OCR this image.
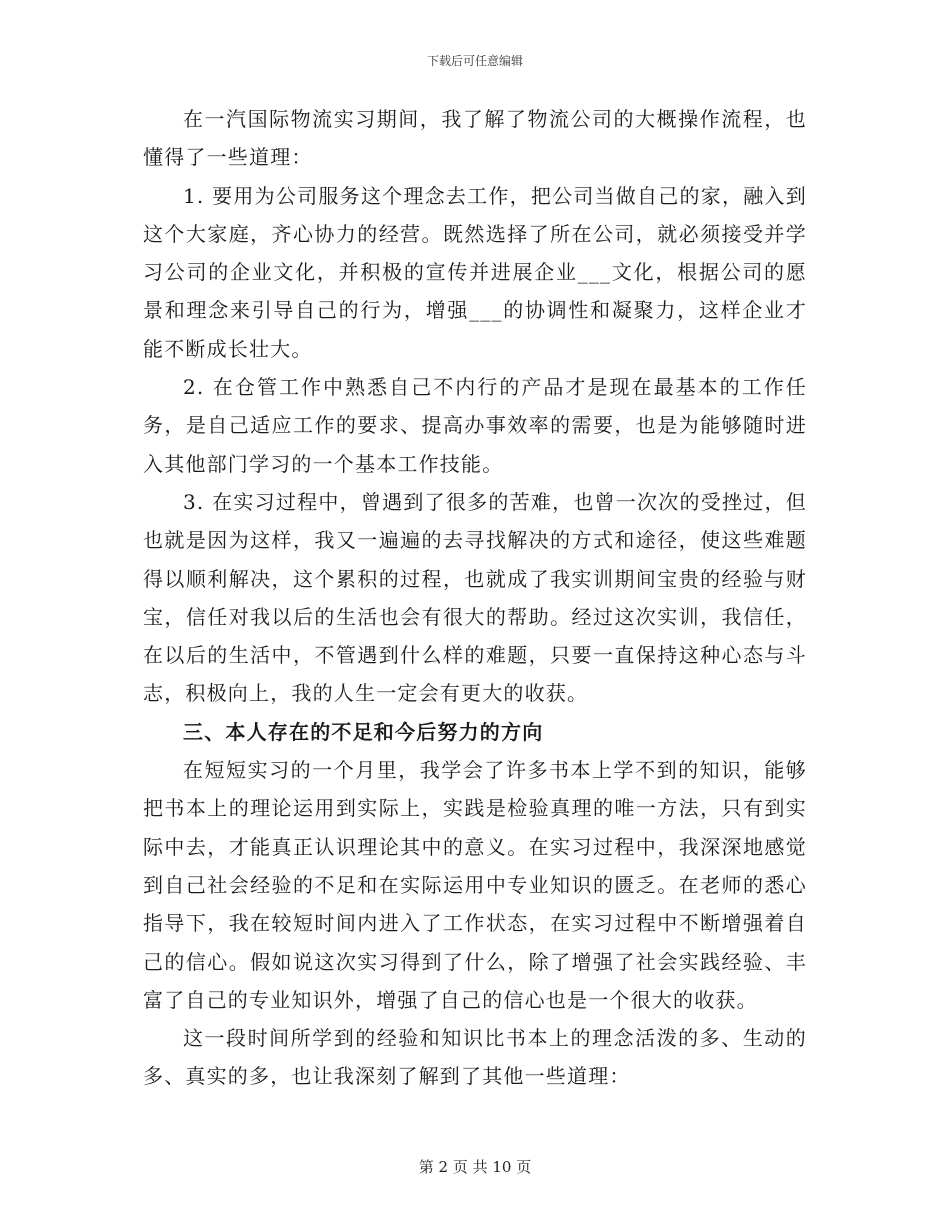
下载后可任意编辑

在一汽国际物流实习期间，我了解了物流公司的大概操作流程，也懂得了一些道理：

1. 要用为公司服务这个理念去工作，把公司当做自己的家，融入到这个大家庭，齐心协力的经营。既然选择了所在公司，就必须接受并学习公司的企业文化，并积极的宣传并进展企业___文化，根据公司的愿景和理念来引导自己的行为，增强___的协调性和凝聚力，这样企业才能不断成长壮大。

2. 在仓管工作中熟悉自己不内行的产品才是现在最基本的工作任务，是自己适应工作的要求、提高办事效率的需要，也是为能够随时进入其他部门学习的一个基本工作技能。

3. 在实习过程中，曾遇到了很多的苦难，也曾一次次的受挫过，但也就是因为这样，我又一遍遍的去寻找解决的方式和途径，使这些难题得以顺利解决，这个累积的过程，也就成了我实训期间宝贵的经验与财宝，信任对我以后的生活也会有很大的帮助。经过这次实训，我信任，在以后的生活中，不管遇到什么样的难题，只要一直保持这种心态与斗志，积极向上，我的人生一定会有更大的收获。

三、本人存在的不足和今后努力的方向

在短短实习的一个月里，我学会了许多书本上学不到的知识，能够把书本上的理论运用到实际上，实践是检验真理的唯一方法，只有到实际中去，才能真正认识理论其中的意义。在实习过程中，我深深地感觉到自己社会经验的不足和在实际运用中专业知识的匮乏。在老师的悉心指导下，我在较短时间内进入了工作状态，在实习过程中不断增强着自己的信心。假如说这次实习得到了什么，除了增强了社会实践经验、丰富了自己的专业知识外，增强了自己的信心也是一个很大的收获。

这一段时间所学到的经验和知识比书本上的理念活泼的多、生动的多、真实的多，也让我深刻了解到了其他一些道理：

第 2 页 共 10 页
